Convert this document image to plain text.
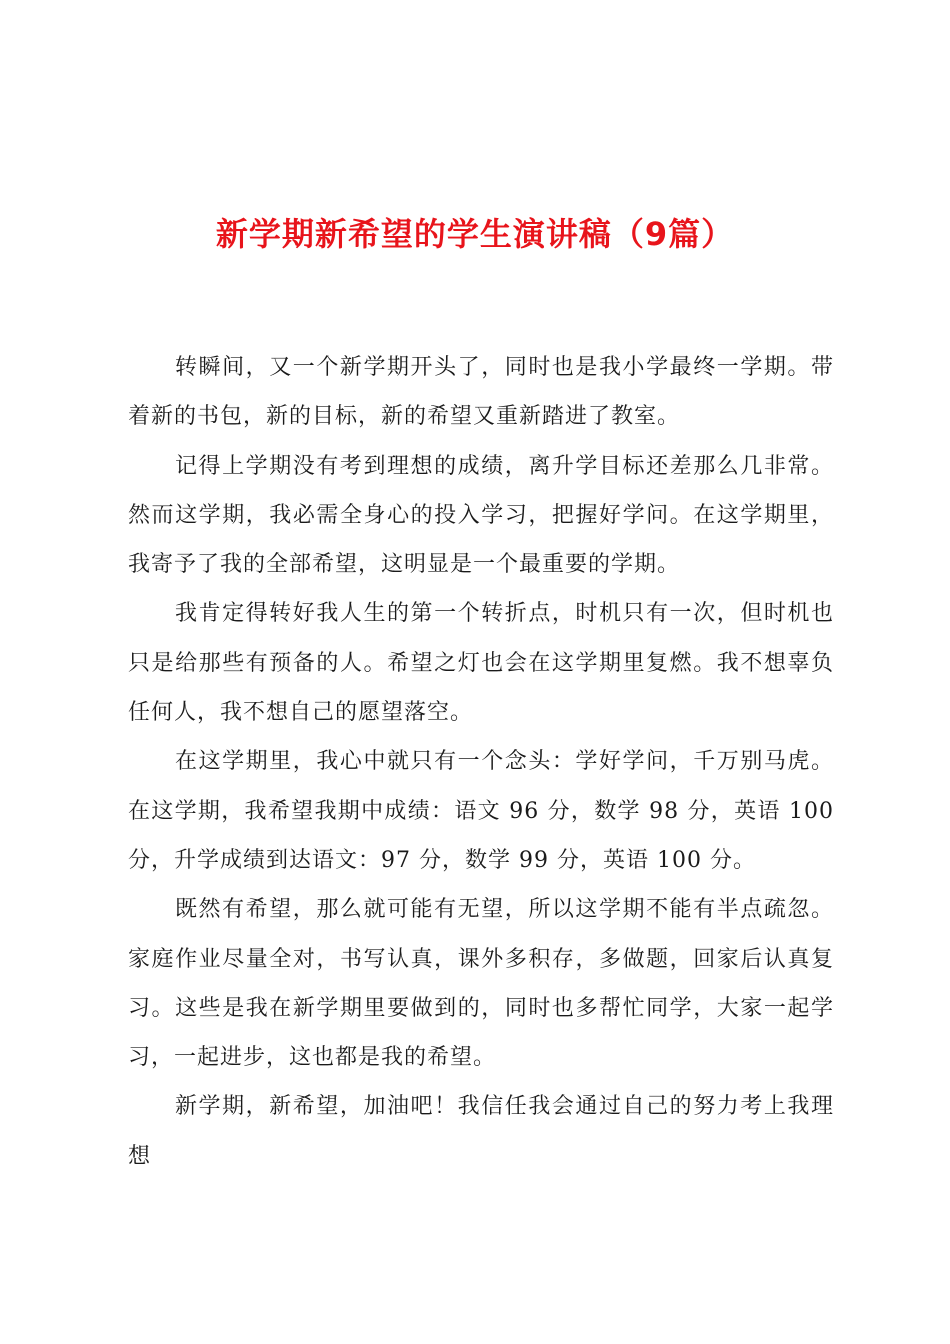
新学期新希望的学生演讲稿（9篇）

转瞬间，又一个新学期开头了，同时也是我小学最终一学期。带着新的书包，新的目标，新的希望又重新踏进了教室。

记得上学期没有考到理想的成绩，离升学目标还差那么几非常。然而这学期，我必需全身心的投入学习，把握好学问。在这学期里，我寄予了我的全部希望，这明显是一个最重要的学期。

我肯定得转好我人生的第一个转折点，时机只有一次，但时机也只是给那些有预备的人。希望之灯也会在这学期里复燃。我不想辜负任何人，我不想自己的愿望落空。

在这学期里，我心中就只有一个念头：学好学问，千万别马虎。在这学期，我希望我期中成绩：语文 96 分，数学 98 分，英语 100 分，升学成绩到达语文：97 分，数学 99 分，英语 100 分。

既然有希望，那么就可能有无望，所以这学期不能有半点疏忽。家庭作业尽量全对，书写认真，课外多积存，多做题，回家后认真复习。这些是我在新学期里要做到的，同时也多帮忙同学，大家一起学习，一起进步，这也都是我的希望。

新学期，新希望，加油吧！我信任我会通过自己的努力考上我理想
